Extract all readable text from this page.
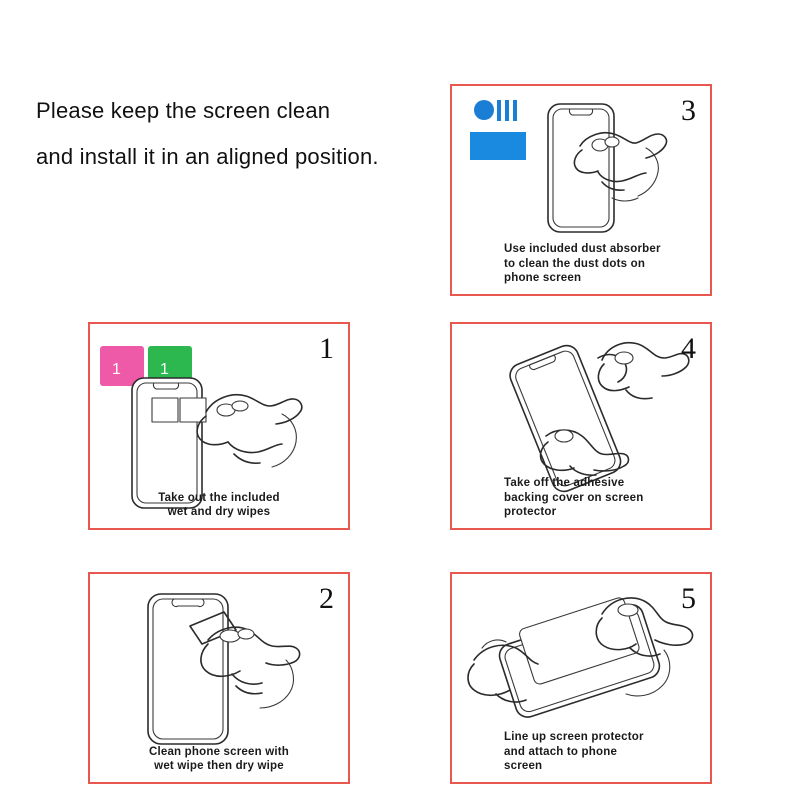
Please keep the screen clean
and install it in an aligned position.
3
Use included dust absorber
to clean the dust dots on
phone screen
1 1
1
Take out the included
wet and dry wipes
4
Take off the adhesive
backing cover on screen
protector
2
Clean phone screen with
wet wipe then dry wipe
5
Line up screen protector
and attach to phone
screen
